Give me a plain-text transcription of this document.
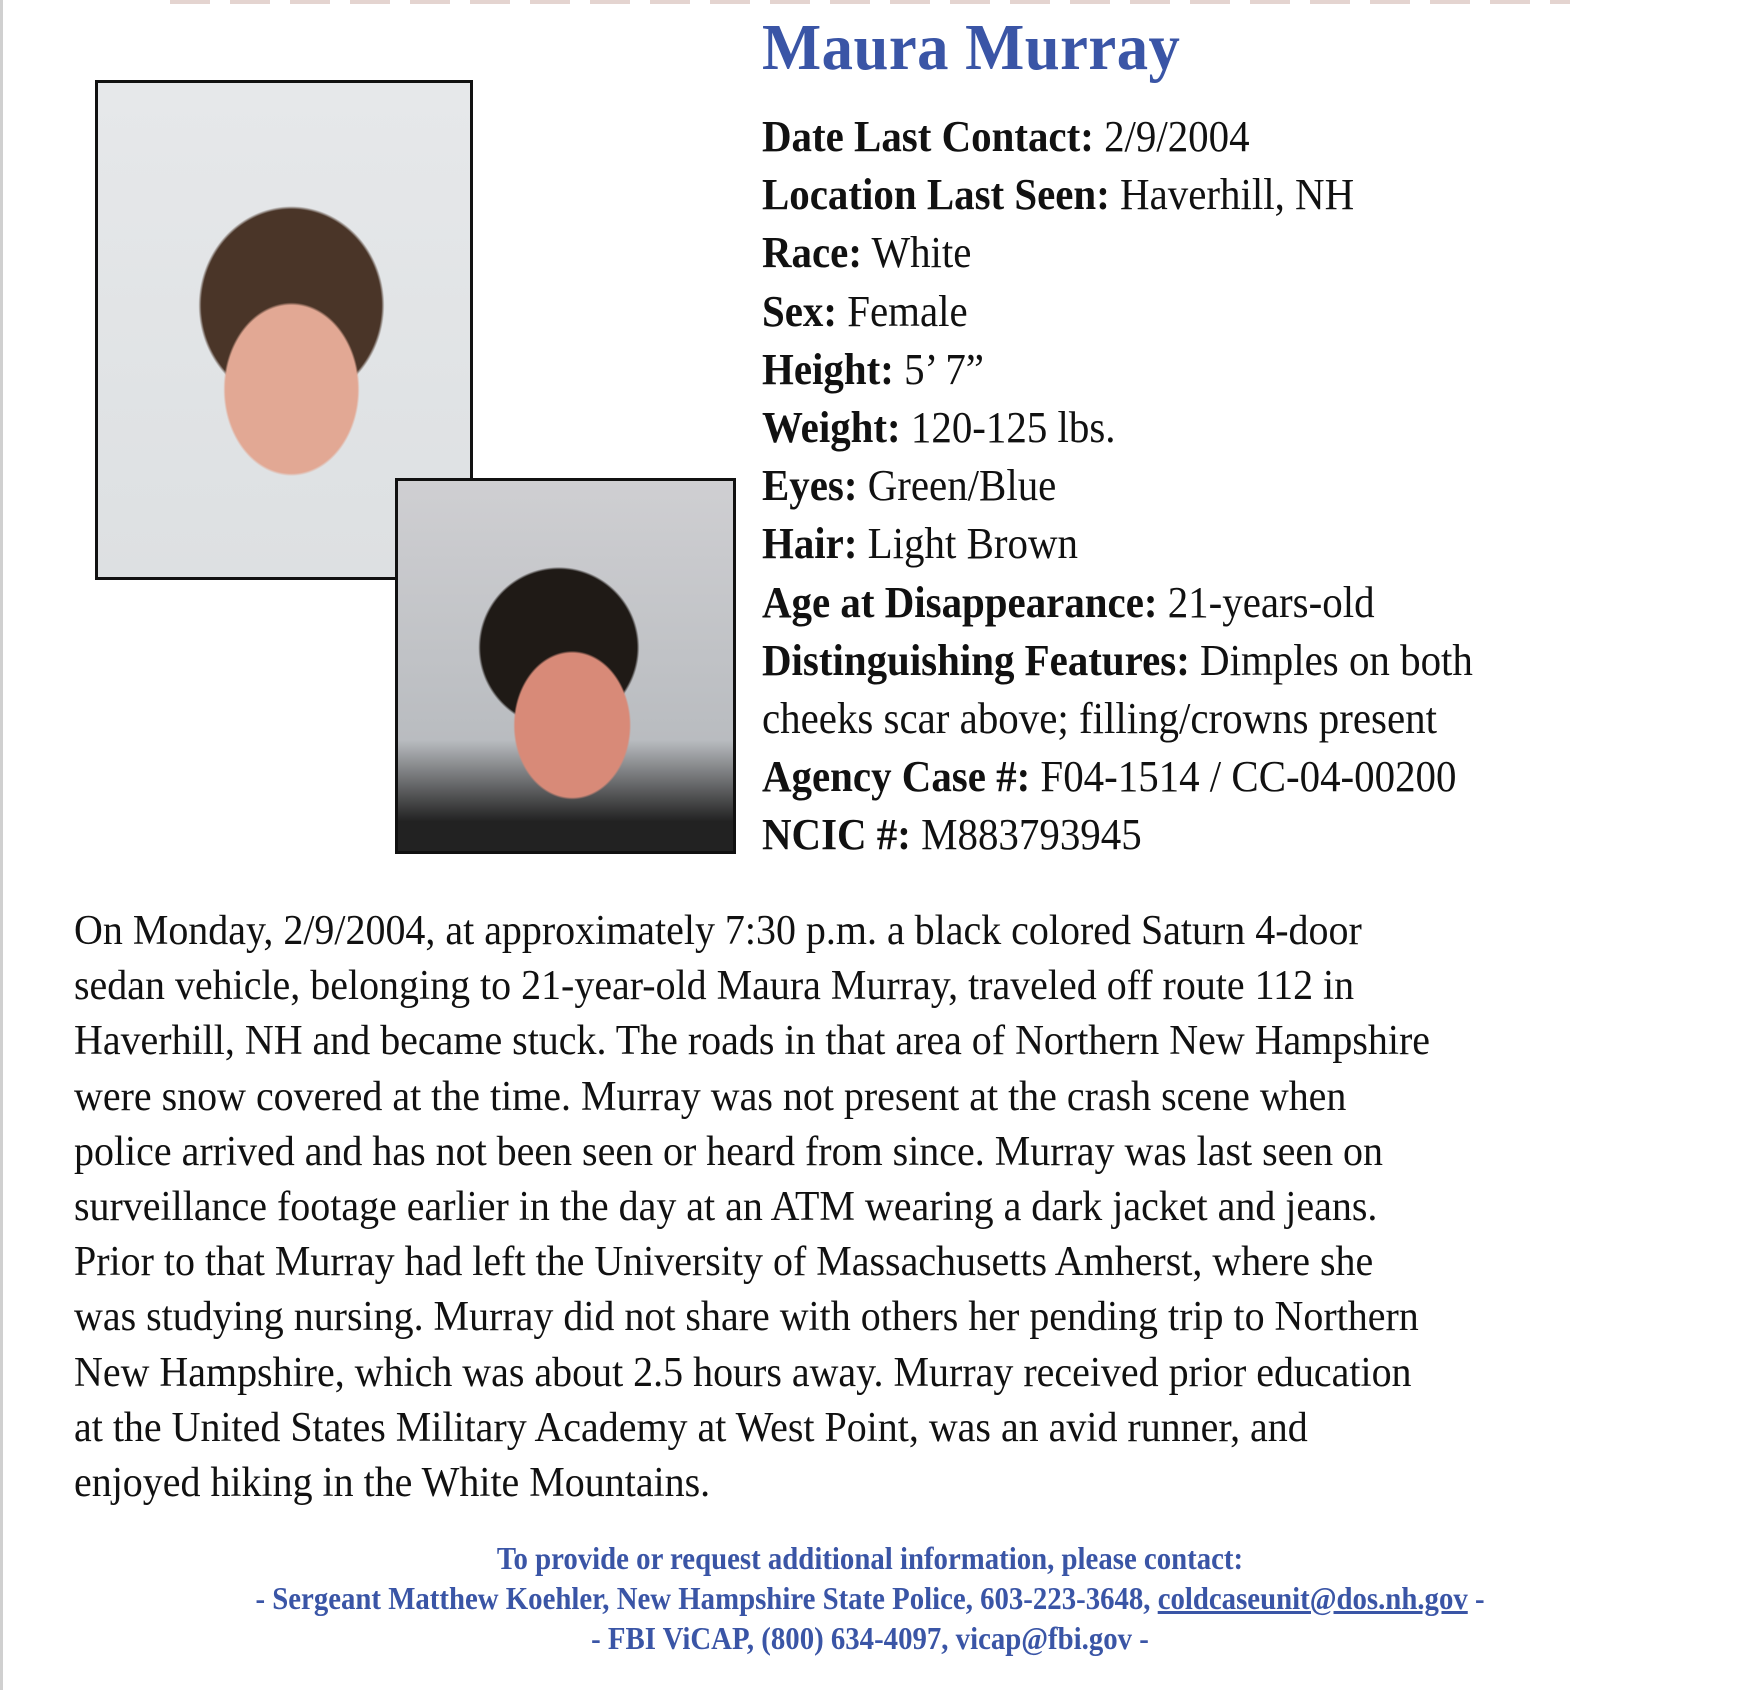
Maura Murray
Date Last Contact: 2/9/2004
Location Last Seen: Haverhill, NH
Race: White
Sex: Female
Height: 5’ 7”
Weight: 120-125 lbs.
Eyes: Green/Blue
Hair: Light Brown
Age at Disappearance: 21-years-old
Distinguishing Features: Dimples on both cheeks scar above; filling/crowns present
Agency Case #: F04-1514 / CC-04-00200
NCIC #: M883793945
On Monday, 2/9/2004, at approximately 7:30 p.m. a black colored Saturn 4-door
sedan vehicle, belonging to 21-year-old Maura Murray, traveled off route 112 in
Haverhill, NH and became stuck. The roads in that area of Northern New Hampshire
were snow covered at the time. Murray was not present at the crash scene when
police arrived and has not been seen or heard from since. Murray was last seen on
surveillance footage earlier in the day at an ATM wearing a dark jacket and jeans.
Prior to that Murray had left the University of Massachusetts Amherst, where she
was studying nursing. Murray did not share with others her pending trip to Northern
New Hampshire, which was about 2.5 hours away. Murray received prior education
at the United States Military Academy at West Point, was an avid runner, and
enjoyed hiking in the White Mountains.
To provide or request additional information, please contact:
- Sergeant Matthew Koehler, New Hampshire State Police, 603-223-3648, coldcaseunit@dos.nh.gov -
- FBI ViCAP, (800) 634-4097, vicap@fbi.gov -
